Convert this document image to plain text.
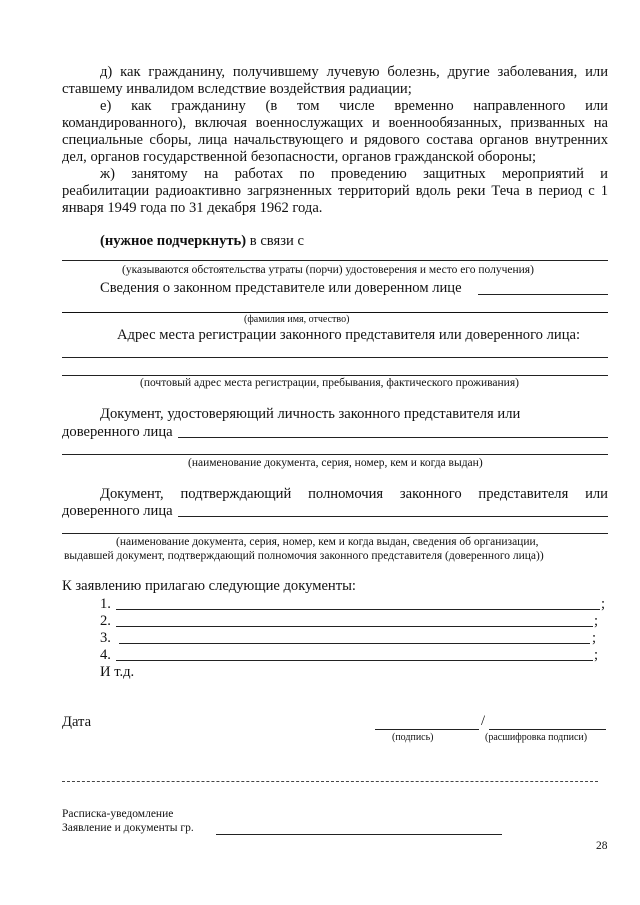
д) как гражданину, получившему лучевую болезнь, другие заболевания, или
ставшему инвалидом вследствие воздействия радиации;
е) как гражданину (в том числе временно направленного или
командированного), включая военнослужащих и военнообязанных, призванных на
специальные сборы, лица начальствующего и рядового состава органов внутренних
дел, органов государственной безопасности, органов гражданской обороны;
ж) занятому на работах по проведению защитных мероприятий и
реабилитации радиоактивно загрязненных территорий вдоль реки Теча в период с 1
января 1949 года по 31 декабря 1962 года.
(нужное подчеркнуть) в связи с
(указываются обстоятельства утраты (порчи) удостоверения и место его получения)
Сведения о законном представителе или доверенном лице
(фамилия имя, отчество)
Адрес места регистрации законного представителя или доверенного лица:
(почтовый адрес места регистрации, пребывания, фактического проживания)
Документ, удостоверяющий личность законного представителя или
доверенного лица
(наименование документа, серия, номер, кем и когда выдан)
Документ, подтверждающий полномочия законного представителя или
доверенного лица
(наименование документа, серия, номер, кем и когда выдан, сведения об организации,
выдавшей документ, подтверждающий полномочия законного представителя (доверенного лица))
К заявлению прилагаю следующие документы:
1.	;
2.	;
3.	;
4.	;
И т.д.
Дата	/
(подпись)	(расшифровка подписи)
Расписка-уведомление
Заявление и документы гр.
28
